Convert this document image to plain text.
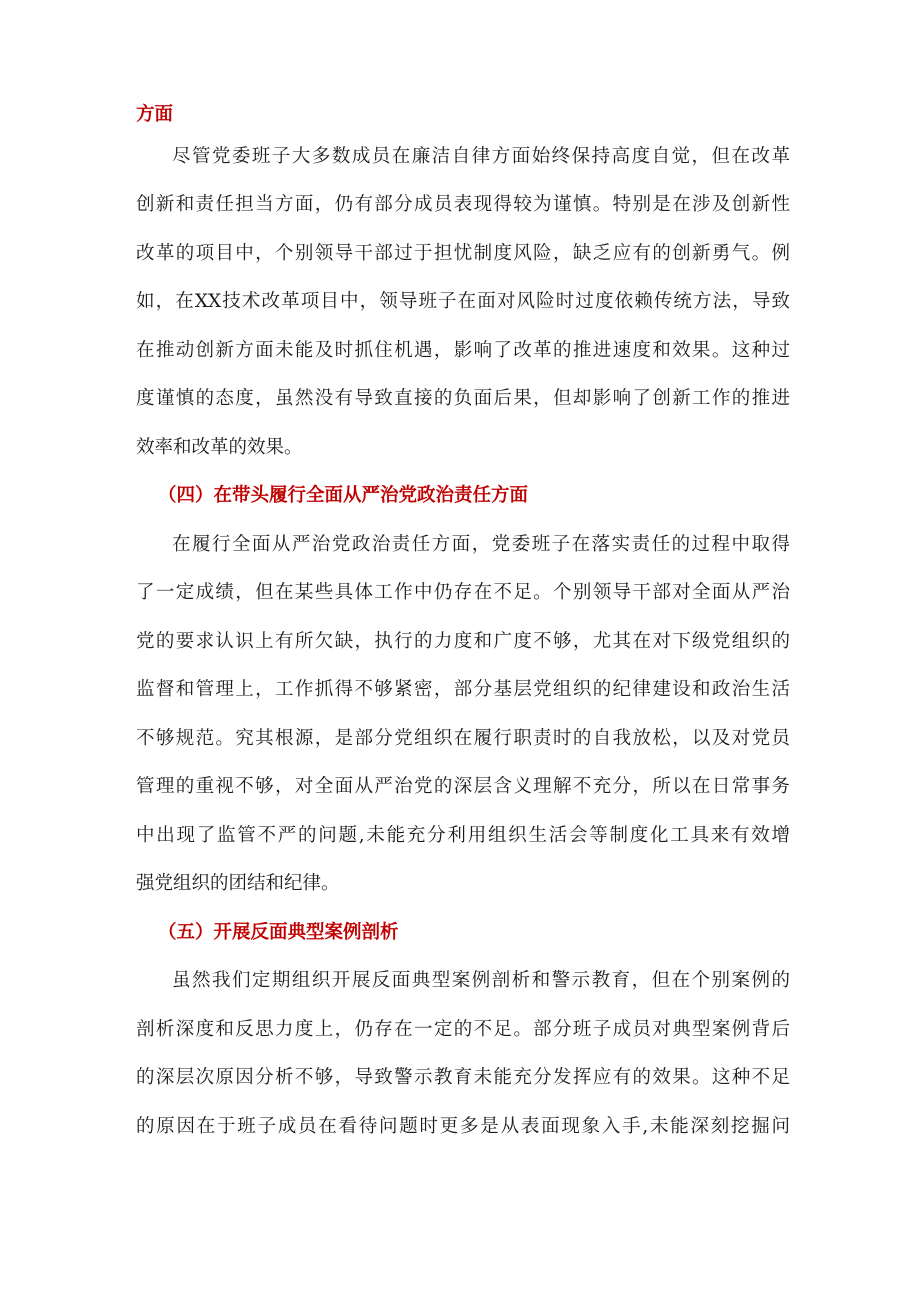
方面
尽管党委班子大多数成员在廉洁自律方面始终保持高度自觉，但在改革
创新和责任担当方面，仍有部分成员表现得较为谨慎。特别是在涉及创新性
改革的项目中，个别领导干部过于担忧制度风险，缺乏应有的创新勇气。例
如，在XX技术改革项目中，领导班子在面对风险时过度依赖传统方法，导致
在推动创新方面未能及时抓住机遇，影响了改革的推进速度和效果。这种过
度谨慎的态度，虽然没有导致直接的负面后果，但却影响了创新工作的推进
效率和改革的效果。
（四）在带头履行全面从严治党政治责任方面
在履行全面从严治党政治责任方面，党委班子在落实责任的过程中取得
了一定成绩，但在某些具体工作中仍存在不足。个别领导干部对全面从严治
党的要求认识上有所欠缺，执行的力度和广度不够，尤其在对下级党组织的
监督和管理上，工作抓得不够紧密，部分基层党组织的纪律建设和政治生活
不够规范。究其根源，是部分党组织在履行职责时的自我放松，以及对党员
管理的重视不够，对全面从严治党的深层含义理解不充分，所以在日常事务
中出现了监管不严的问题,未能充分利用组织生活会等制度化工具来有效增
强党组织的团结和纪律。
（五）开展反面典型案例剖析
虽然我们定期组织开展反面典型案例剖析和警示教育，但在个别案例的
剖析深度和反思力度上，仍存在一定的不足。部分班子成员对典型案例背后
的深层次原因分析不够，导致警示教育未能充分发挥应有的效果。这种不足
的原因在于班子成员在看待问题时更多是从表面现象入手,未能深刻挖掘问
